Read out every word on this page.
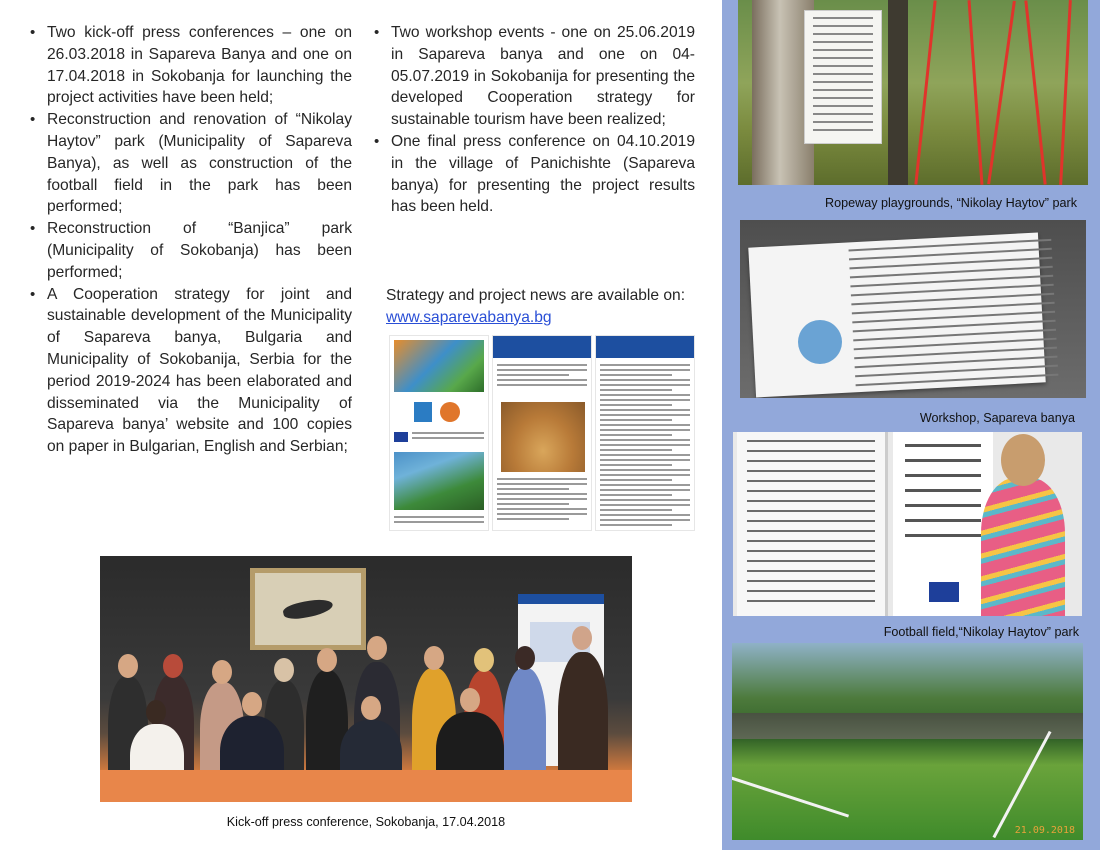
• Two kick-off press conferences – one on 26.03.2018 in Sapareva Banya and one on 17.04.2018 in Sokobanja for launching the project activities have been held;
• Reconstruction and renovation of “Nikolay Haytov” park (Municipality of Sapareva Banya), as well as construction of the football field in the park has been performed;
• Reconstruction of “Banjica” park (Municipality of Sokobanja) has been performed;
• A Cooperation strategy for joint and sustainable development of the Municipality of Sapareva banya, Bulgaria and Municipality of Sokobanija, Serbia for the period 2019-2024 has been elaborated and disseminated via the Municipality of Sapareva banya’ website and 100 copies on paper in Bulgarian, English and Serbian;
• Two workshop events - one on 25.06.2019 in Sapareva banya and one on 04-05.07.2019 in Sokobanija for presenting the developed Cooperation strategy for sustainable tourism have been realized;
• One final press conference on 04.10.2019 in the village of Panichishte (Sapareva banya) for presenting the project results has been held.
Strategy and project news are available on: www.saparevabanya.bg
Kick-off press conference, Sokobanja, 17.04.2018
Ropeway playgrounds, “Nikolay Haytov” park
Workshop, Sapareva banya
Football field,“Nikolay Haytov” park
21.09.2018
